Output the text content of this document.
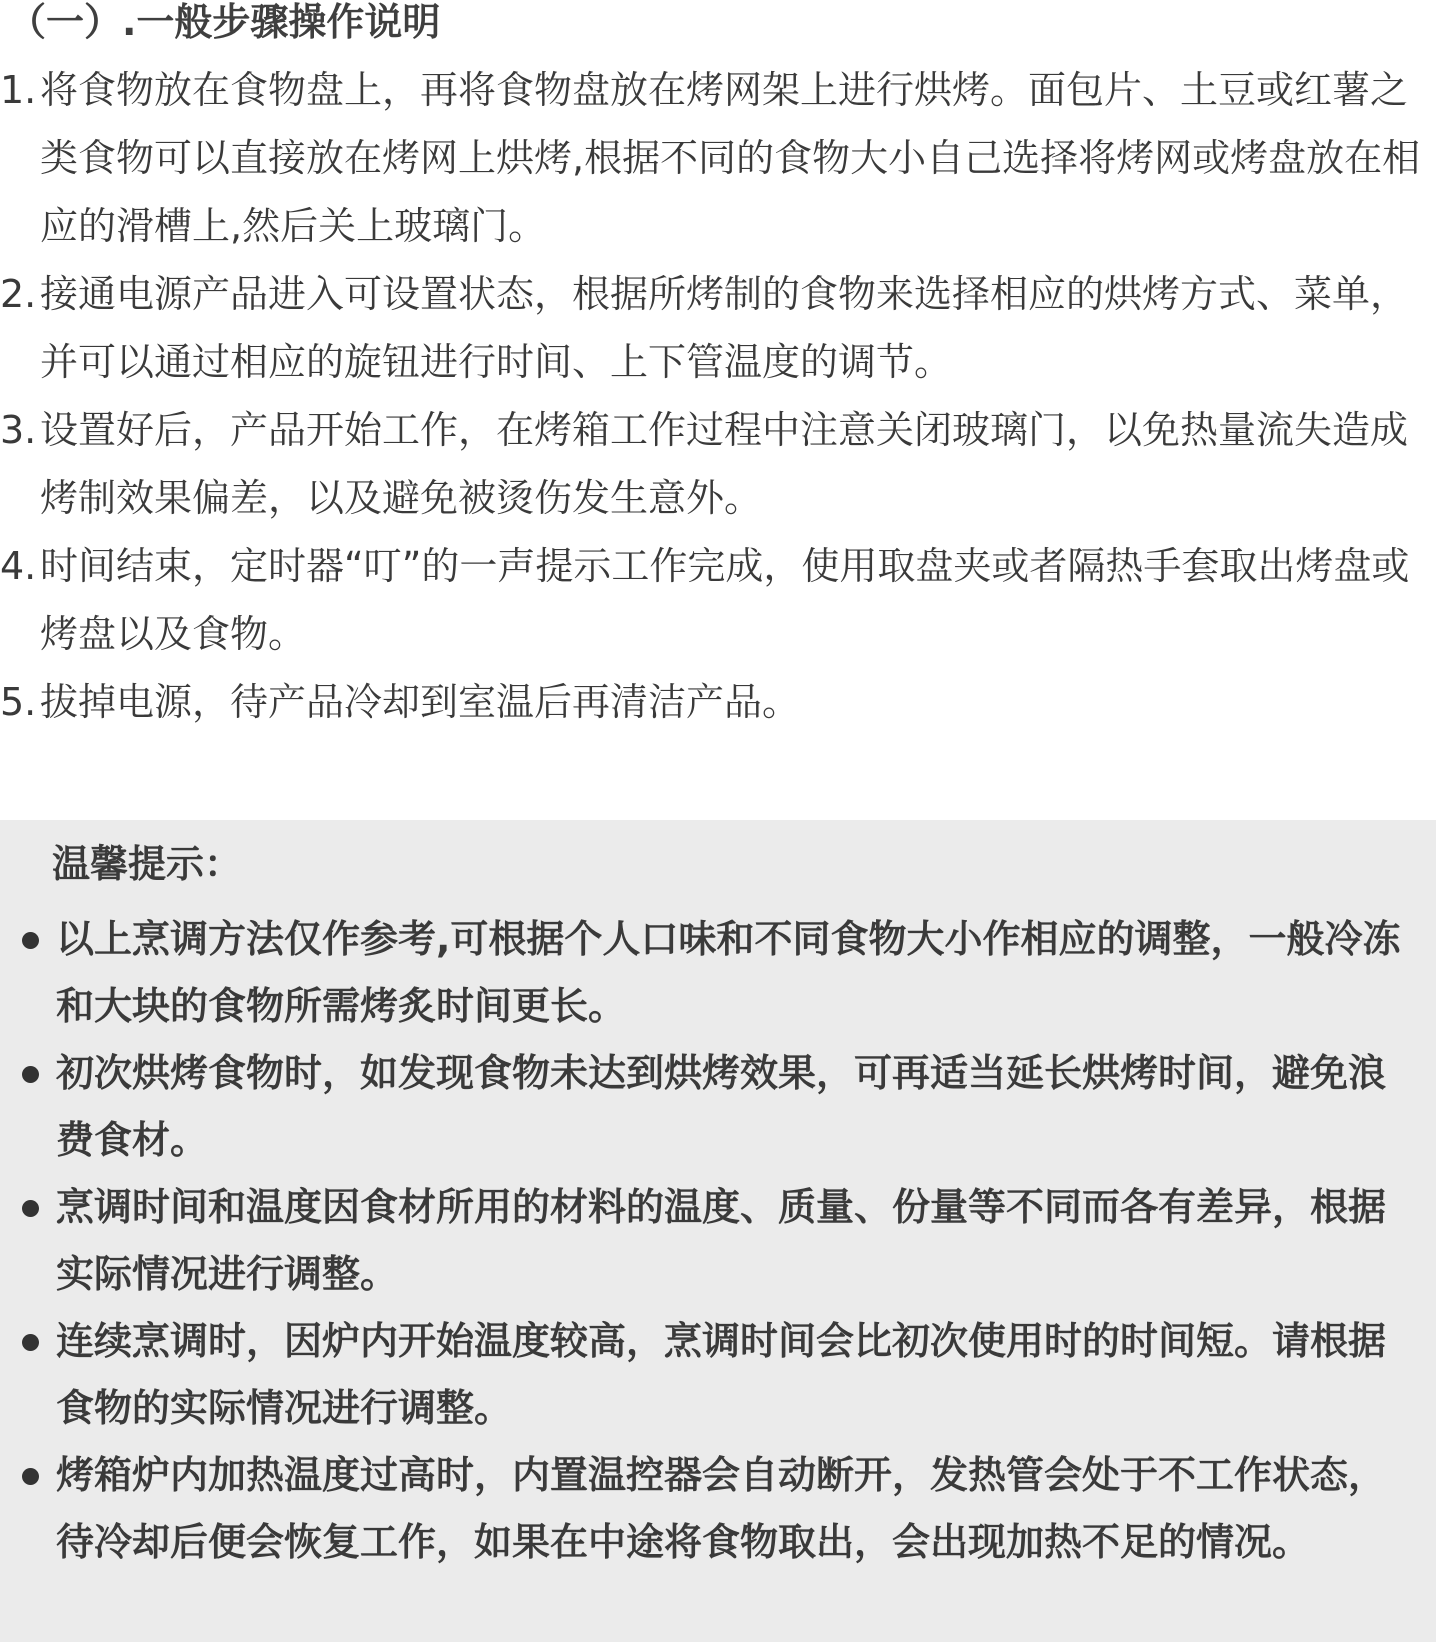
（一）.一般步骤操作说明
1. 将食物放在食物盘上，再将食物盘放在烤网架上进行烘烤。面包片、土豆或红薯之类食物可以直接放在烤网上烘烤,根据不同的食物大小自己选择将烤网或烤盘放在相应的滑槽上,然后关上玻璃门。
2. 接通电源产品进入可设置状态，根据所烤制的食物来选择相应的烘烤方式、菜单，并可以通过相应的旋钮进行时间、上下管温度的调节。
3. 设置好后，产品开始工作，在烤箱工作过程中注意关闭玻璃门，以免热量流失造成烤制效果偏差，以及避免被烫伤发生意外。
4. 时间结束，定时器“叮”的一声提示工作完成，使用取盘夹或者隔热手套取出烤盘或烤盘以及食物。
5. 拔掉电源，待产品冷却到室温后再清洁产品。
温馨提示：
以上烹调方法仅作参考,可根据个人口味和不同食物大小作相应的调整，一般冷冻和大块的食物所需烤炙时间更长。
初次烘烤食物时，如发现食物未达到烘烤效果，可再适当延长烘烤时间，避免浪费食材。
烹调时间和温度因食材所用的材料的温度、质量、份量等不同而各有差异，根据实际情况进行调整。
连续烹调时，因炉内开始温度较高，烹调时间会比初次使用时的时间短。请根据食物的实际情况进行调整。
烤箱炉内加热温度过高时，内置温控器会自动断开，发热管会处于不工作状态，待冷却后便会恢复工作，如果在中途将食物取出，会出现加热不足的情况。
